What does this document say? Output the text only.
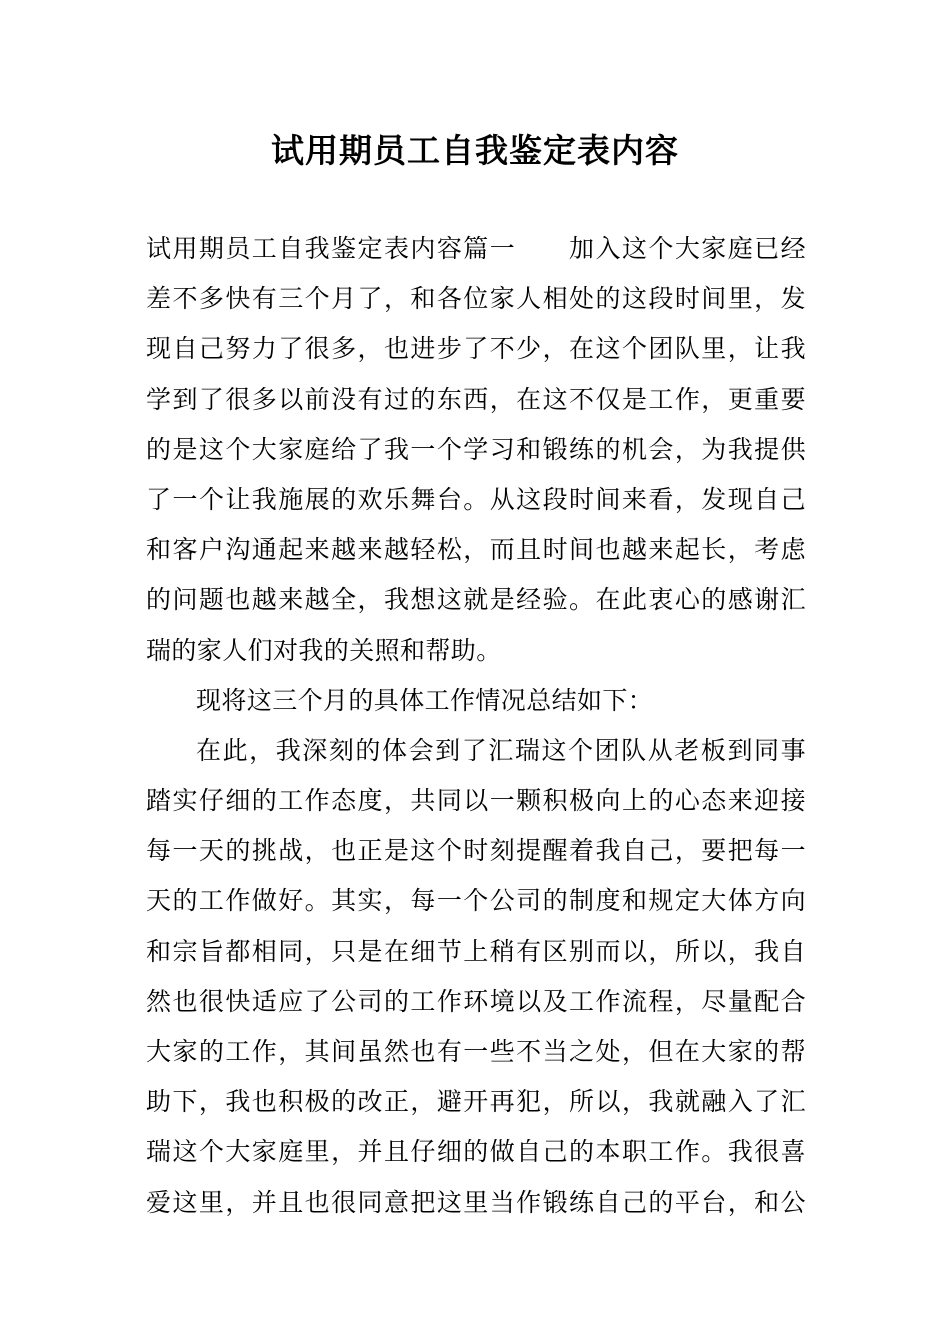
试用期员工自我鉴定表内容
试用期员工自我鉴定表内容篇一　　加入这个大家庭已经
差不多快有三个月了，和各位家人相处的这段时间里，发
现自己努力了很多，也进步了不少，在这个团队里，让我
学到了很多以前没有过的东西，在这不仅是工作，更重要
的是这个大家庭给了我一个学习和锻练的机会，为我提供
了一个让我施展的欢乐舞台。从这段时间来看，发现自己
和客户沟通起来越来越轻松，而且时间也越来起长，考虑
的问题也越来越全，我想这就是经验。在此衷心的感谢汇
瑞的家人们对我的关照和帮助。
现将这三个月的具体工作情况总结如下：
在此，我深刻的体会到了汇瑞这个团队从老板到同事
踏实仔细的工作态度，共同以一颗积极向上的心态来迎接
每一天的挑战，也正是这个时刻提醒着我自己，要把每一
天的工作做好。其实，每一个公司的制度和规定大体方向
和宗旨都相同，只是在细节上稍有区别而以，所以，我自
然也很快适应了公司的工作环境以及工作流程，尽量配合
大家的工作，其间虽然也有一些不当之处，但在大家的帮
助下，我也积极的改正，避开再犯，所以，我就融入了汇
瑞这个大家庭里，并且仔细的做自己的本职工作。我很喜
爱这里，并且也很同意把这里当作锻练自己的平台，和公
